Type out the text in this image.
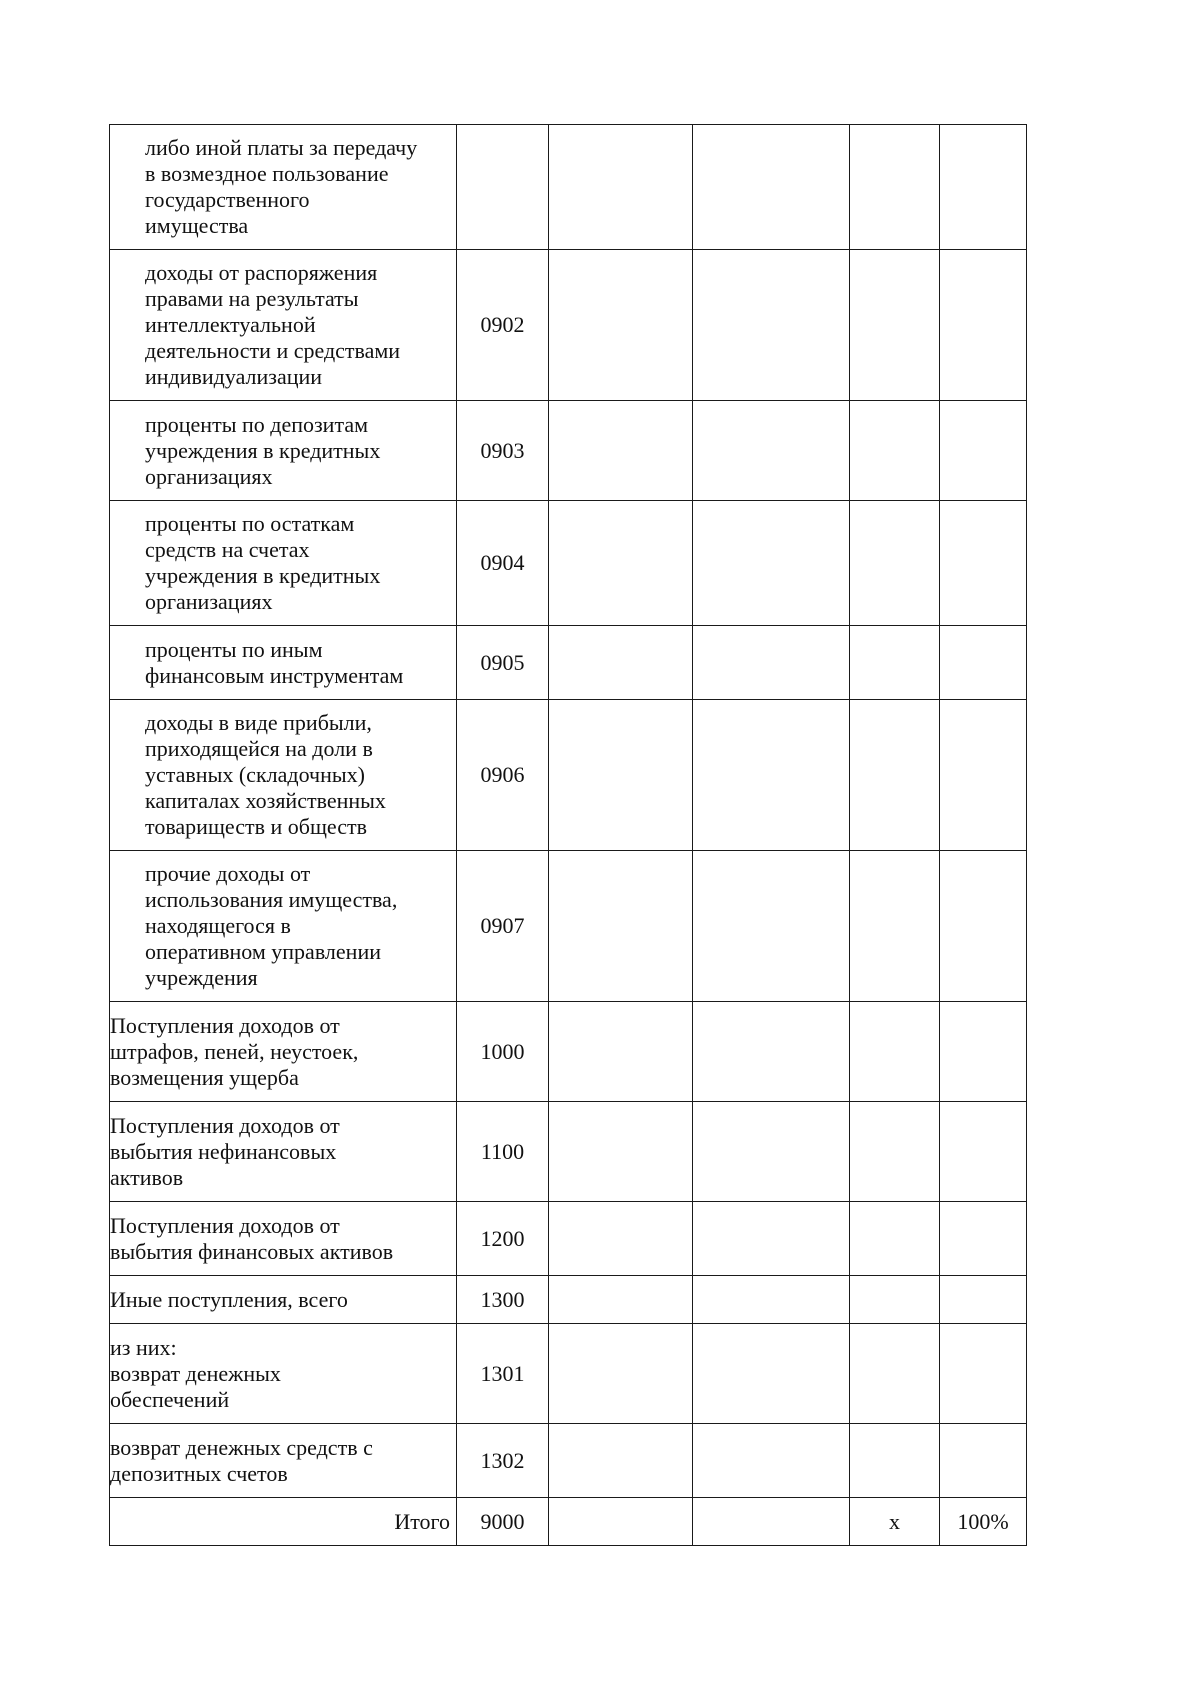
либо иной платы за передачу
в возмездное пользование
государственного
имущества					
доходы от распоряжения
правами на результаты
интеллектуальной
деятельности и средствами
индивидуализации	0902				
проценты по депозитам
учреждения в кредитных
организациях	0903				
проценты по остаткам
средств на счетах
учреждения в кредитных
организациях	0904				
проценты по иным
финансовым инструментам	0905				
доходы в виде прибыли,
приходящейся на доли в
уставных (складочных)
капиталах хозяйственных
товариществ и обществ	0906				
прочие доходы от
использования имущества,
находящегося в
оперативном управлении
учреждения	0907				
Поступления доходов от
штрафов, пеней, неустоек,
возмещения ущерба	1000				
Поступления доходов от
выбытия нефинансовых
активов	1100				
Поступления доходов от
выбытия финансовых активов	1200				
Иные поступления, всего	1300				
из них:
возврат денежных
обеспечений	1301				
возврат денежных средств с
депозитных счетов	1302				
Итого	9000			x	100%
